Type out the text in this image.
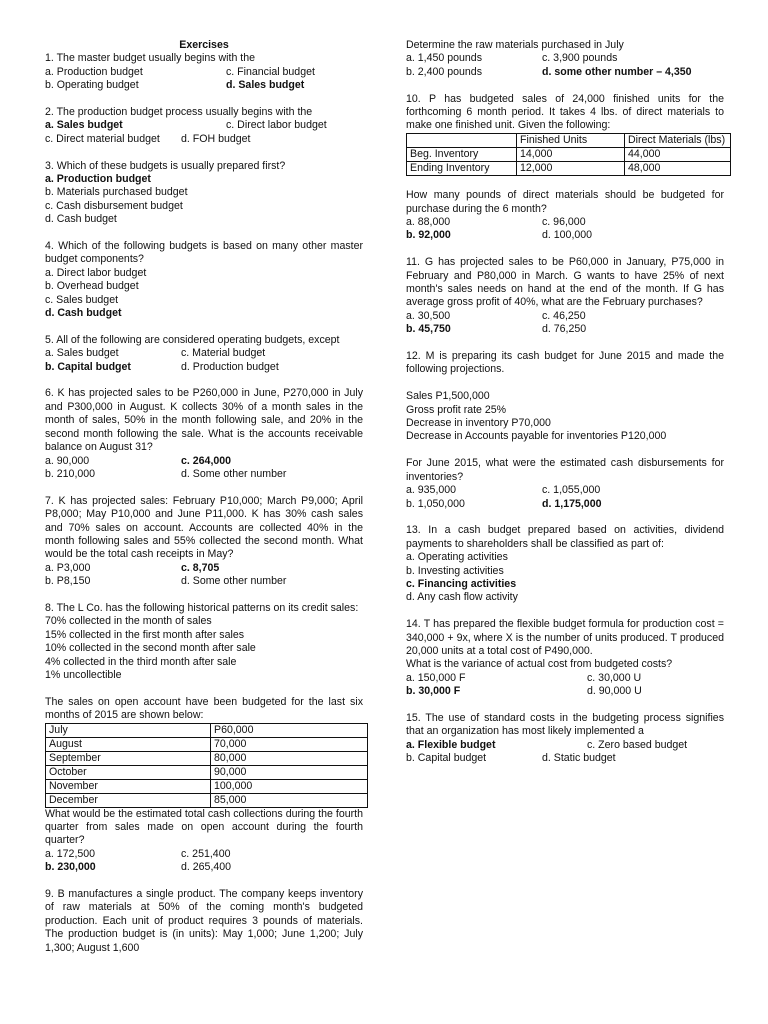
Exercises
1. The master budget usually begins with the
a. Production budget	c. Financial budget
b. Operating budget	d. Sales budget
2. The production budget process usually begins with the
a. Sales budget	c. Direct labor budget
c. Direct material budget	d. FOH budget
3. Which of these budgets is usually prepared first?
a. Production budget
b. Materials purchased budget
c. Cash disbursement budget
d. Cash budget
4. Which of the following budgets is based on many other master budget components?
a. Direct labor budget
b. Overhead budget
c. Sales budget
d. Cash budget
5. All of the following are considered operating budgets, except
a. Sales budget	c. Material budget
b. Capital budget	d. Production budget
6. K has projected sales to be P260,000 in June, P270,000 in July and P300,000 in August. K collects 30% of a month sales in the month of sales, 50% in the month following sale, and 20% in the second month following the sale. What is the accounts receivable balance on August 31?
a. 90,000	c. 264,000
b. 210,000	d. Some other number
7. K has projected sales: February P10,000; March P9,000; April P8,000; May P10,000 and June P11,000. K has 30% cash sales and 70% sales on account. Accounts are collected 40% in the month following sales and 55% collected the second month. What would be the total cash receipts in May?
a. P3,000	c. 8,705
b. P8,150	d. Some other number
8. The L Co. has the following historical patterns on its credit sales:
70% collected in the month of sales
15% collected in the first month after sales
10% collected in the second month after sale
4% collected in the third month after sale
1% uncollectible
The sales on open account have been budgeted for the last six months of 2015 are shown below:
July	P60,000
August	70,000
September	80,000
October	90,000
November	100,000
December	85,000
What would be the estimated total cash collections during the fourth quarter from sales made on open account during the fourth quarter?
a. 172,500	c. 251,400
b. 230,000	d. 265,400
9. B manufactures a single product. The company keeps inventory of raw materials at 50% of the coming month's budgeted production. Each unit of product requires 3 pounds of materials. The production budget is (in units): May 1,000; June 1,200; July 1,300; August 1,600
Determine the raw materials purchased in July
a. 1,450 pounds	c. 3,900 pounds
b. 2,400 pounds	d. some other number – 4,350
10. P has budgeted sales of 24,000 finished units for the forthcoming 6 month period. It takes 4 lbs. of direct materials to make one finished unit. Given the following:
	Finished Units	Direct Materials (lbs)
Beg. Inventory	14,000	44,000
Ending Inventory	12,000	48,000
How many pounds of direct materials should be budgeted for purchase during the 6 month?
a. 88,000	c. 96,000
b. 92,000	d. 100,000
11. G has projected sales to be P60,000 in January, P75,000 in February and P80,000 in March. G wants to have 25% of next month's sales needs on hand at the end of the month. If G has average gross profit of 40%, what are the February purchases?
a. 30,500	c. 46,250
b. 45,750	d. 76,250
12. M is preparing its cash budget for June 2015 and made the following projections.
Sales P1,500,000
Gross profit rate 25%
Decrease in inventory P70,000
Decrease in Accounts payable for inventories P120,000
For June 2015, what were the estimated cash disbursements for inventories?
a. 935,000	c. 1,055,000
b. 1,050,000	d. 1,175,000
13. In a cash budget prepared based on activities, dividend payments to shareholders shall be classified as part of:
a. Operating activities
b. Investing activities
c. Financing activities
d. Any cash flow activity
14. T has prepared the flexible budget formula for production cost = 340,000 + 9x, where X is the number of units produced. T produced 20,000 units at a total cost of P490,000.
What is the variance of actual cost from budgeted costs?
a. 150,000 F	c. 30,000 U
b. 30,000 F	d. 90,000 U
15. The use of standard costs in the budgeting process signifies that an organization has most likely implemented a
a. Flexible budget	c. Zero based budget
b. Capital budget	d. Static budget
